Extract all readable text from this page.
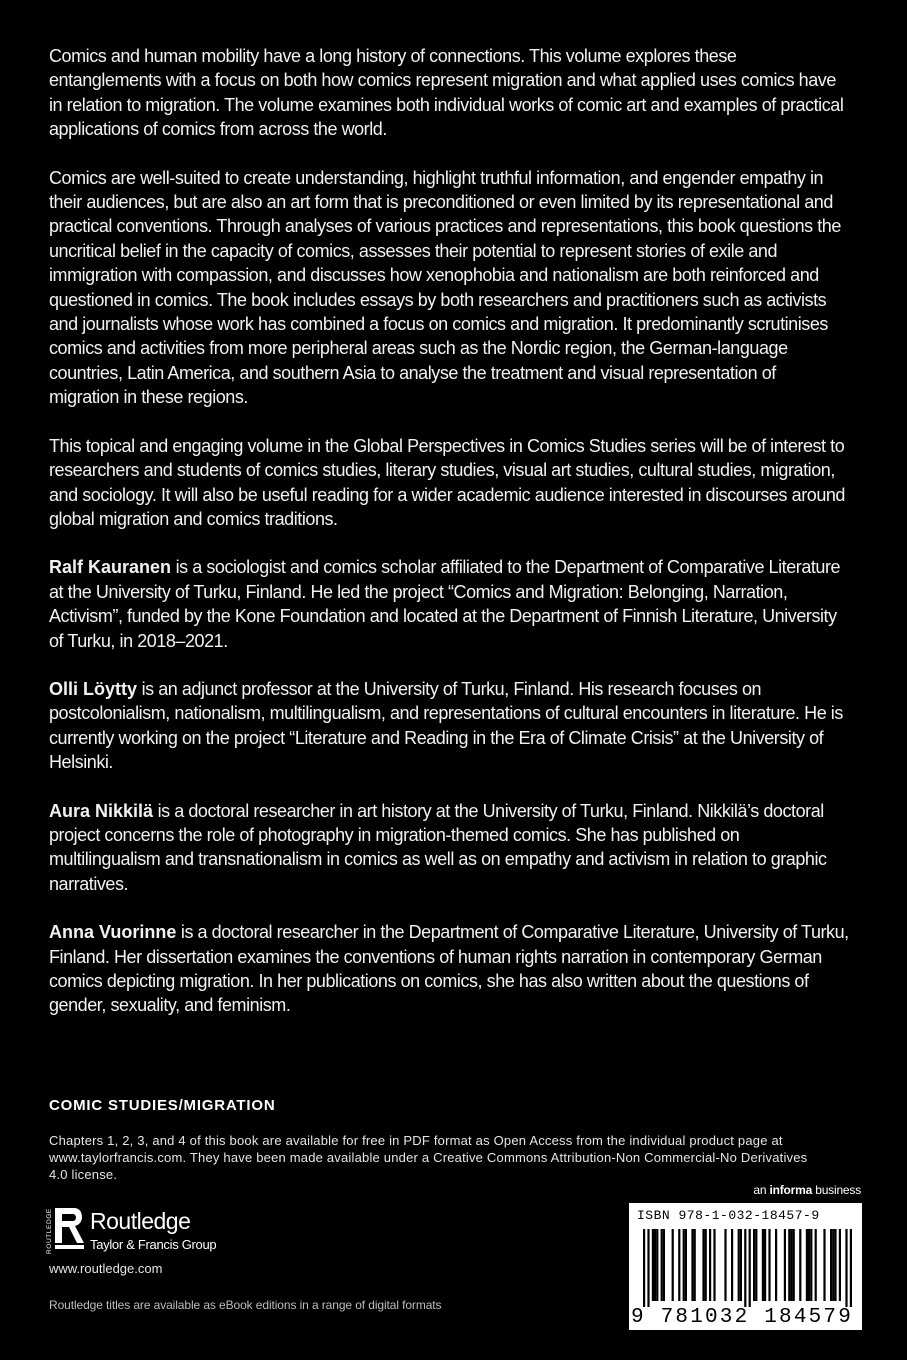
Comics and human mobility have a long history of connections. This volume explores these entanglements with a focus on both how comics represent migration and what applied uses comics have in relation to migration. The volume examines both individual works of comic art and examples of practical applications of comics from across the world.

Comics are well-suited to create understanding, highlight truthful information, and engender empathy in their audiences, but are also an art form that is preconditioned or even limited by its representational and practical conventions. Through analyses of various practices and representations, this book questions the uncritical belief in the capacity of comics, assesses their potential to represent stories of exile and immigration with compassion, and discusses how xenophobia and nationalism are both reinforced and questioned in comics. The book includes essays by both researchers and practitioners such as activists and journalists whose work has combined a focus on comics and migration. It predominantly scrutinises comics and activities from more peripheral areas such as the Nordic region, the German-language countries, Latin America, and southern Asia to analyse the treatment and visual representation of migration in these regions.

This topical and engaging volume in the Global Perspectives in Comics Studies series will be of interest to researchers and students of comics studies, literary studies, visual art studies, cultural studies, migration, and sociology. It will also be useful reading for a wider academic audience interested in discourses around global migration and comics traditions.

Ralf Kauranen is a sociologist and comics scholar affiliated to the Department of Comparative Literature at the University of Turku, Finland. He led the project “Comics and Migration: Belonging, Narration, Activism”, funded by the Kone Foundation and located at the Department of Finnish Literature, University of Turku, in 2018–2021.

Olli Löytty is an adjunct professor at the University of Turku, Finland. His research focuses on postcolonialism, nationalism, multilingualism, and representations of cultural encounters in literature. He is currently working on the project “Literature and Reading in the Era of Climate Crisis” at the University of Helsinki.

Aura Nikkilä is a doctoral researcher in art history at the University of Turku, Finland. Nikkilä’s doctoral project concerns the role of photography in migration-themed comics. She has published on multilingualism and transnationalism in comics as well as on empathy and activism in relation to graphic narratives.

Anna Vuorinne is a doctoral researcher in the Department of Comparative Literature, University of Turku, Finland. Her dissertation examines the conventions of human rights narration in contemporary German comics depicting migration. In her publications on comics, she has also written about the questions of gender, sexuality, and feminism.

COMIC STUDIES/MIGRATION
Chapters 1, 2, 3, and 4 of this book are available for free in PDF format as Open Access from the individual product page at www.taylorfrancis.com. They have been made available under a Creative Commons Attribution-Non Commercial-No Derivatives 4.0 license.
an informa business
ROUTLEDGE Routledge
Taylor & Francis Group
www.routledge.com
Routledge titles are available as eBook editions in a range of digital formats
ISBN 978-1-032-18457-9
9 781032 184579
